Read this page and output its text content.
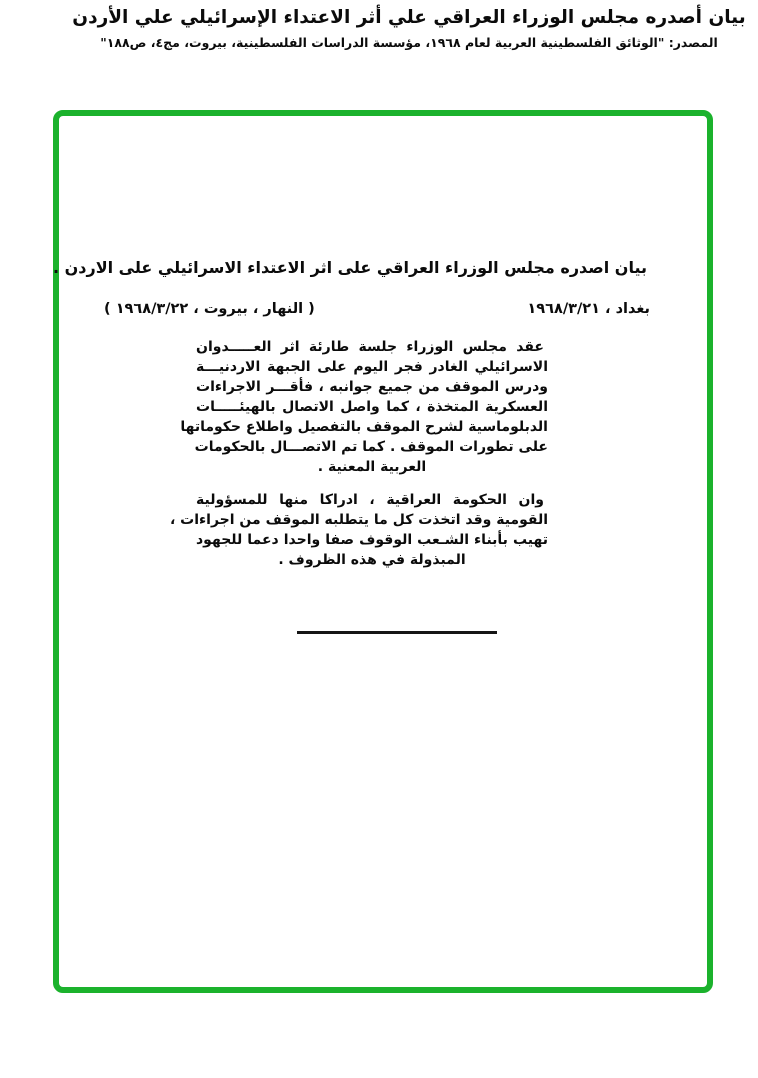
بيان أصدره مجلس الوزراء العراقي علي أثر الاعتداء الإسرائيلي علي الأردن
المصدر: "الوثائق الفلسطينية العربية لعام ١٩٦٨، مؤسسة الدراسات الفلسطينية، بيروت، مج٤، ص١٨٨"
بيان اصدره مجلس الوزراء العراقي على اثر الاعتداء الاسرائيلي على الاردن .
بغداد ، ١٩٦٨/٣/٢١
( النهار ، بيروت ، ١٩٦٨/٣/٢٢ )
عقد مجلس الوزراء جلسة طارئة اثر العـــــدوان
الاسرائيلي الغادر فجر اليوم على الجبهة الاردنيـــة
ودرس الموقف من جميع جوانبه ، فأقـــر الاجراءات
العسكرية المتخذة ، كما واصل الاتصال بالهيئـــــات
الدبلوماسية لشرح الموقف بالتفصيل واطلاع حكوماتها
على تطورات الموقف . كما تم الاتصـــال بالحكومات
العربية المعنية .
وان الحكومة العراقية ، ادراكا منها للمسؤولية
القومية وقد اتخذت كل ما يتطلبه الموقف من اجراءات ،
تهيب بأبناء الشـعب الوقوف صفا واحدا دعما للجهود
المبذولة في هذه الظروف .
